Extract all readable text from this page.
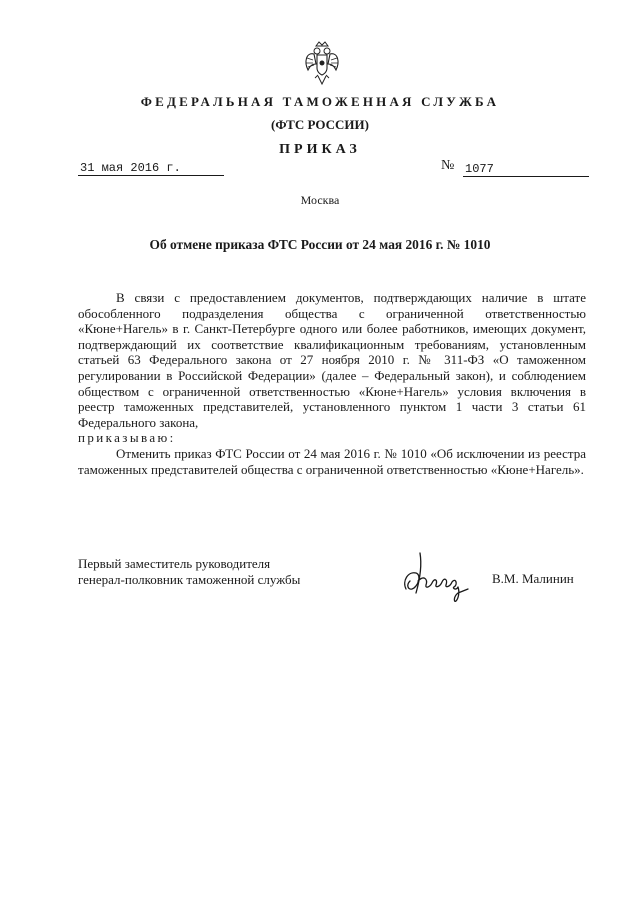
ФЕДЕРАЛЬНАЯ ТАМОЖЕННАЯ СЛУЖБА
(ФТС РОССИИ)
ПРИКАЗ
31 мая 2016 г.	№ 1077
Москва
Об отмене приказа ФТС России от 24 мая 2016 г. № 1010

В связи с предоставлением документов, подтверждающих наличие в штате обособленного подразделения общества с ограниченной ответственностью «Кюне+Нагель» в г. Санкт-Петербурге одного или более работников, имеющих документ, подтверждающий их соответствие квалификационным требованиям, установленным статьей 63 Федерального закона от 27 ноября 2010 г. № 311-ФЗ «О таможенном регулировании в Российской Федерации» (далее – Федеральный закон), и соблюдением обществом с ограниченной ответственностью «Кюне+Нагель» условия включения в реестр таможенных представителей, установленного пунктом 1 части 3 статьи 61 Федерального закона,

приказываю:

Отменить приказ ФТС России от 24 мая 2016 г. № 1010 «Об исключении из реестра таможенных представителей общества с ограниченной ответственностью «Кюне+Нагель».

Первый заместитель руководителя
генерал-полковник таможенной службы	В.М. Малинин
